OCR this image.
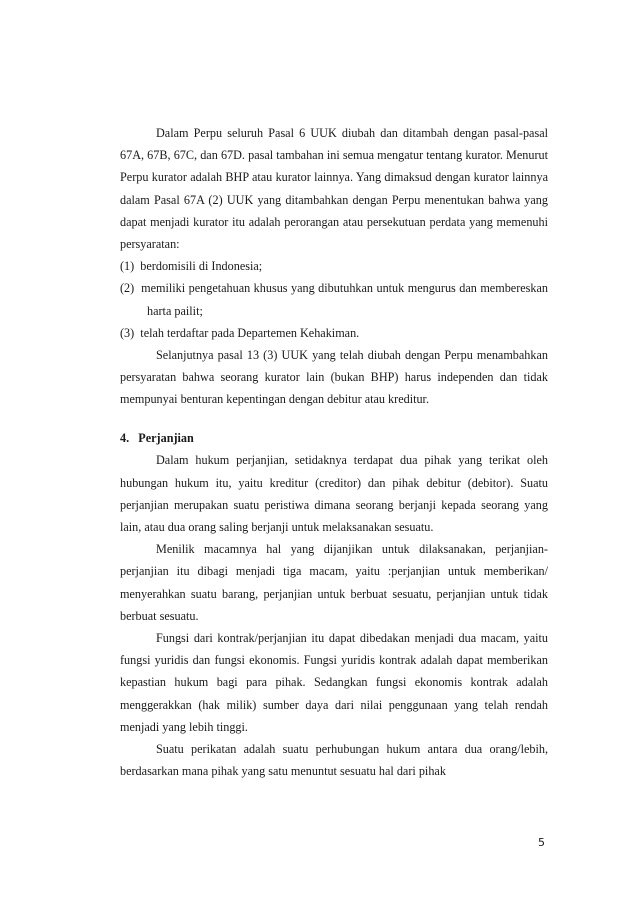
Dalam Perpu seluruh Pasal 6 UUK diubah dan ditambah dengan pasal-pasal 67A, 67B, 67C, dan 67D. pasal tambahan ini semua mengatur tentang kurator. Menurut Perpu kurator adalah BHP atau kurator lainnya. Yang dimaksud dengan kurator lainnya dalam Pasal 67A (2) UUK yang ditambahkan dengan Perpu menentukan bahwa yang dapat menjadi kurator itu adalah perorangan atau persekutuan perdata yang memenuhi persyaratan:

(1)  berdomisili di Indonesia;

(2)  memiliki pengetahuan khusus yang dibutuhkan untuk mengurus dan membereskan harta pailit;

(3)  telah terdaftar pada Departemen Kehakiman.

Selanjutnya pasal 13 (3) UUK yang telah diubah dengan Perpu menambahkan persyaratan bahwa seorang kurator lain (bukan BHP) harus independen dan tidak mempunyai benturan kepentingan dengan debitur atau kreditur.

4.   Perjanjian

Dalam hukum perjanjian, setidaknya terdapat dua pihak yang terikat oleh hubungan hukum itu, yaitu kreditur (creditor) dan pihak debitur (debitor). Suatu perjanjian merupakan suatu peristiwa dimana seorang berjanji kepada seorang yang lain, atau dua orang saling berjanji untuk melaksanakan sesuatu.

Menilik macamnya hal yang dijanjikan untuk dilaksanakan, perjanjian-perjanjian itu dibagi menjadi tiga macam, yaitu :perjanjian untuk memberikan/ menyerahkan suatu barang, perjanjian untuk berbuat sesuatu, perjanjian untuk tidak berbuat sesuatu.

Fungsi dari kontrak/perjanjian itu dapat dibedakan menjadi dua macam, yaitu fungsi yuridis dan fungsi ekonomis. Fungsi yuridis kontrak adalah dapat memberikan kepastian hukum bagi para pihak. Sedangkan fungsi ekonomis kontrak adalah menggerakkan (hak milik) sumber daya dari nilai penggunaan yang telah rendah menjadi yang lebih tinggi.

Suatu perikatan adalah suatu perhubungan hukum antara dua orang/lebih, berdasarkan mana pihak yang satu menuntut sesuatu hal dari pihak

5
